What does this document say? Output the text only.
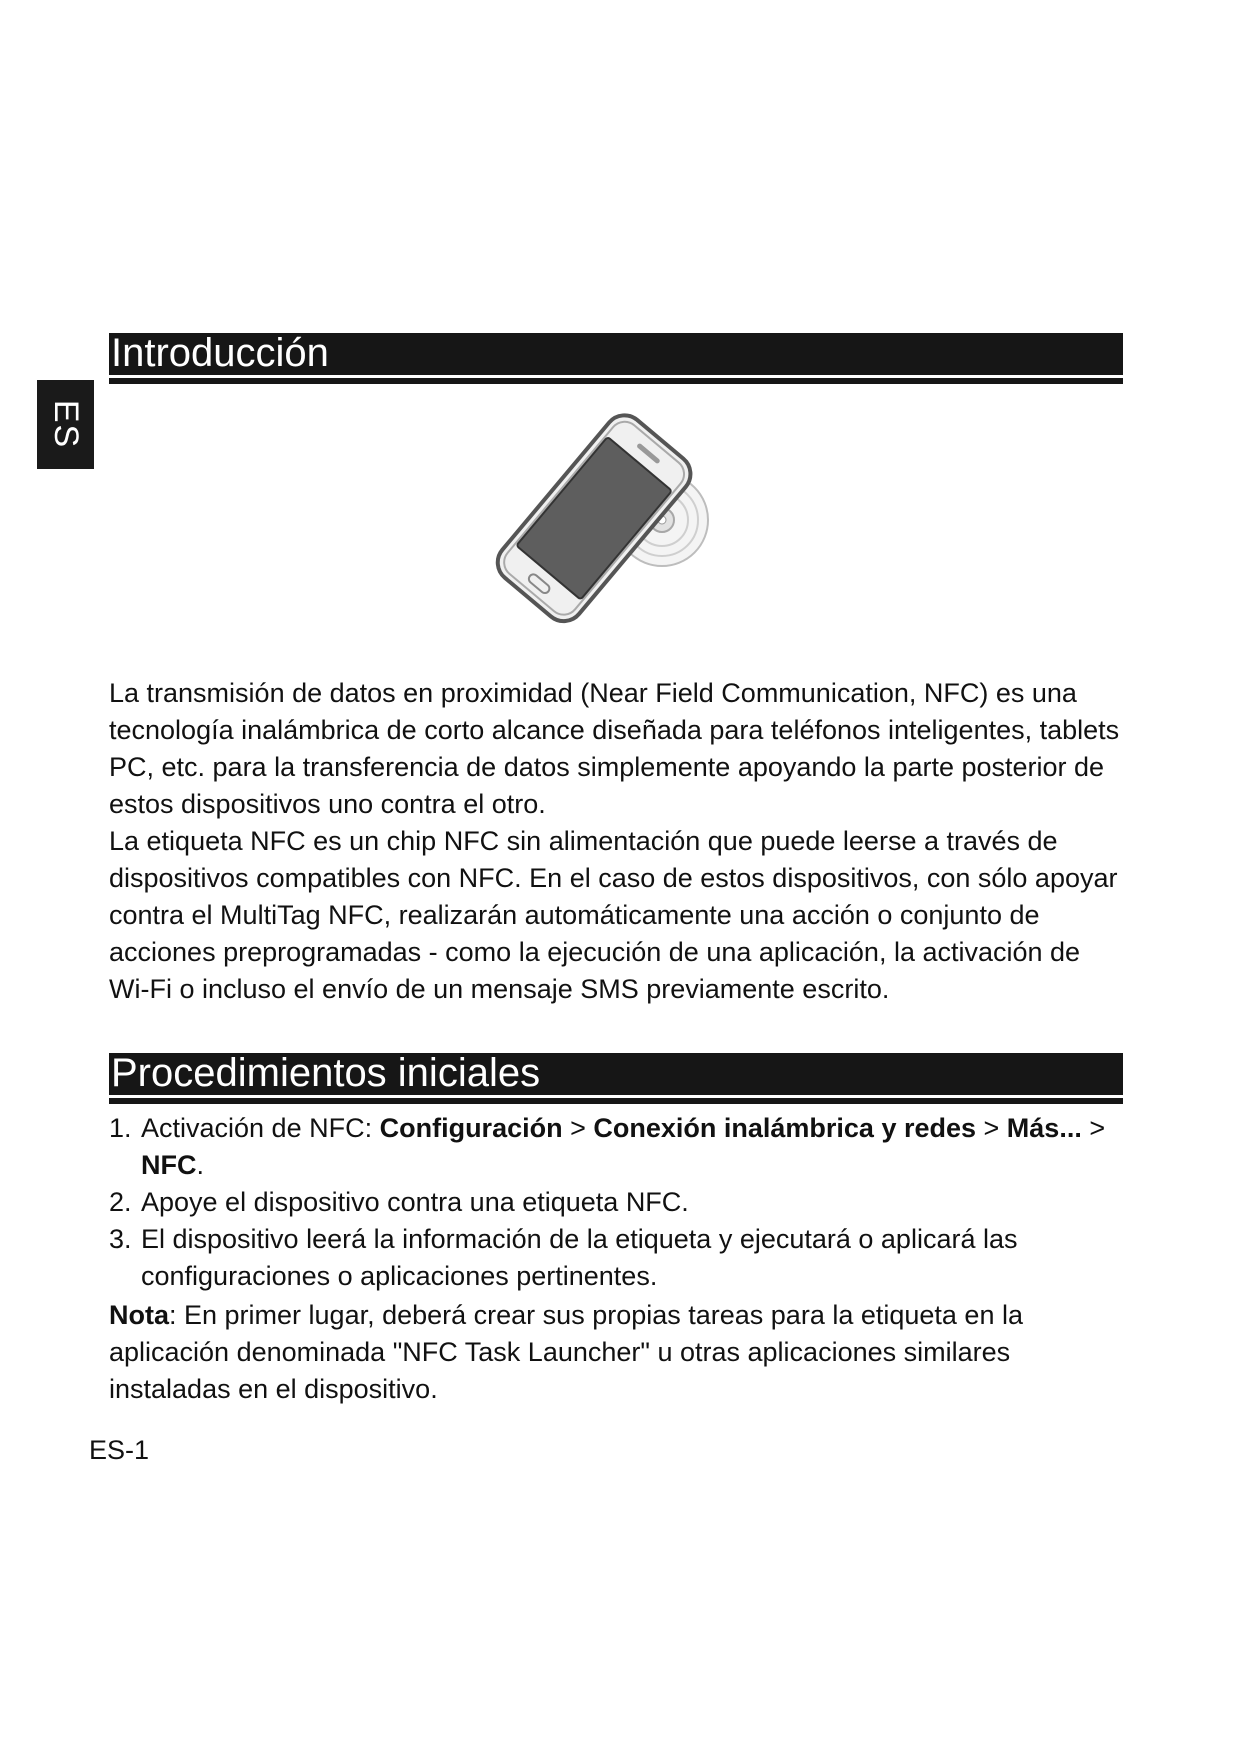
ES
Introducción
La transmisión de datos en proximidad (Near Field Communication, NFC) es una tecnología inalámbrica de corto alcance diseñada para teléfonos inteligentes, tablets PC, etc. para la transferencia de datos simplemente apoyando la parte posterior de estos dispositivos uno contra el otro.
La etiqueta NFC es un chip NFC sin alimentación que puede leerse a través de dispositivos compatibles con NFC. En el caso de estos dispositivos, con sólo apoyar contra el MultiTag NFC, realizarán automáticamente una acción o conjunto de acciones preprogramadas - como la ejecución de una aplicación, la activación de Wi-Fi o incluso el envío de un mensaje SMS previamente escrito.
Procedimientos iniciales
1. Activación de NFC: Configuración > Conexión inalámbrica y redes > Más... > NFC.
2. Apoye el dispositivo contra una etiqueta NFC.
3. El dispositivo leerá la información de la etiqueta y ejecutará o aplicará las configuraciones o aplicaciones pertinentes.

Nota: En primer lugar, deberá crear sus propias tareas para la etiqueta en la aplicación denominada "NFC Task Launcher" u otras aplicaciones similares instaladas en el dispositivo.

ES-1
